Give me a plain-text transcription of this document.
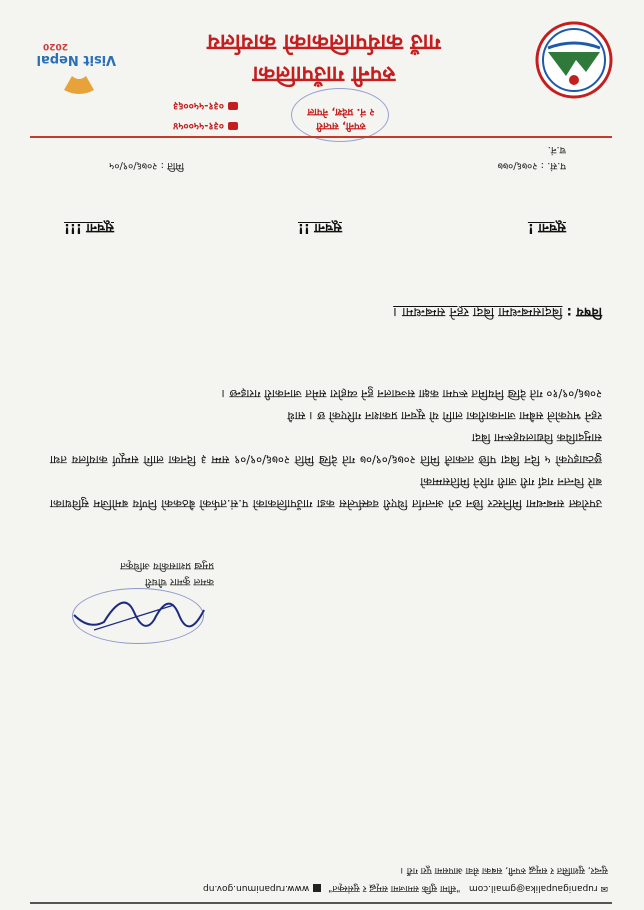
रुपनी गाउँपालिका
गाउँ कार्यपालिकाको कार्यालय
Visit Nepal
2020
रुपनी, सप्तरी
२ नं. प्रदेश, नेपाल
०३१-५५००५४
०३१-५५००६३
प.सं. : २०७६/०७७
च.नं.
मिति : २०७६/०९/०५
सूचना !
सूचना !!
सूचना !!!
विषय : बिदासम्बन्धमा बिदा रहने सम्बन्धमा ।

उपरोक्त सम्बन्धमा मिनिस्टर छिन ठगे अन्तर्गत थिएरी वर्क्सप्लेस कडा गाउँपालिकाको प.सं.तर्फको बैठकको निर्णय बमोजिम सुविधाका बारे चिन्तन गर्दा गरी जारी गरिने मितिसम्मको

छुट्याइएको ५ दिन बिदा पछि तत्कालै मिति २०७६/०९/०७ गते देखि मिति २०७६/०९/०९ सम्म ३ दिनका लागि सम्पूर्ण कार्यालय तथा सामुदायिक विद्यालयहरूमा बिदा

रहने भएकोले सबैमा जानकारीका लागि यो सूचना प्रकाशन गरिएको छ । साथै

२०७६/०९/१० गते देखि नियमित रूपमा कक्षा सञ्चालन हुने व्यहोरा समेत जानकारी गराइन्छ ।

कमल कुमार चौधरी
प्रमुख प्रशासकीय अधिकृत
सुन्दर, सुशासित र समृद्ध रुपनी, सबका सेवा आपसमा पूरा गरौं ।
✉ rupanigaupalika@gmail.com   "सीमा सुकि समाजमा समृद्ध र सुसंस्कृत" www.rupanimun.gov.np
